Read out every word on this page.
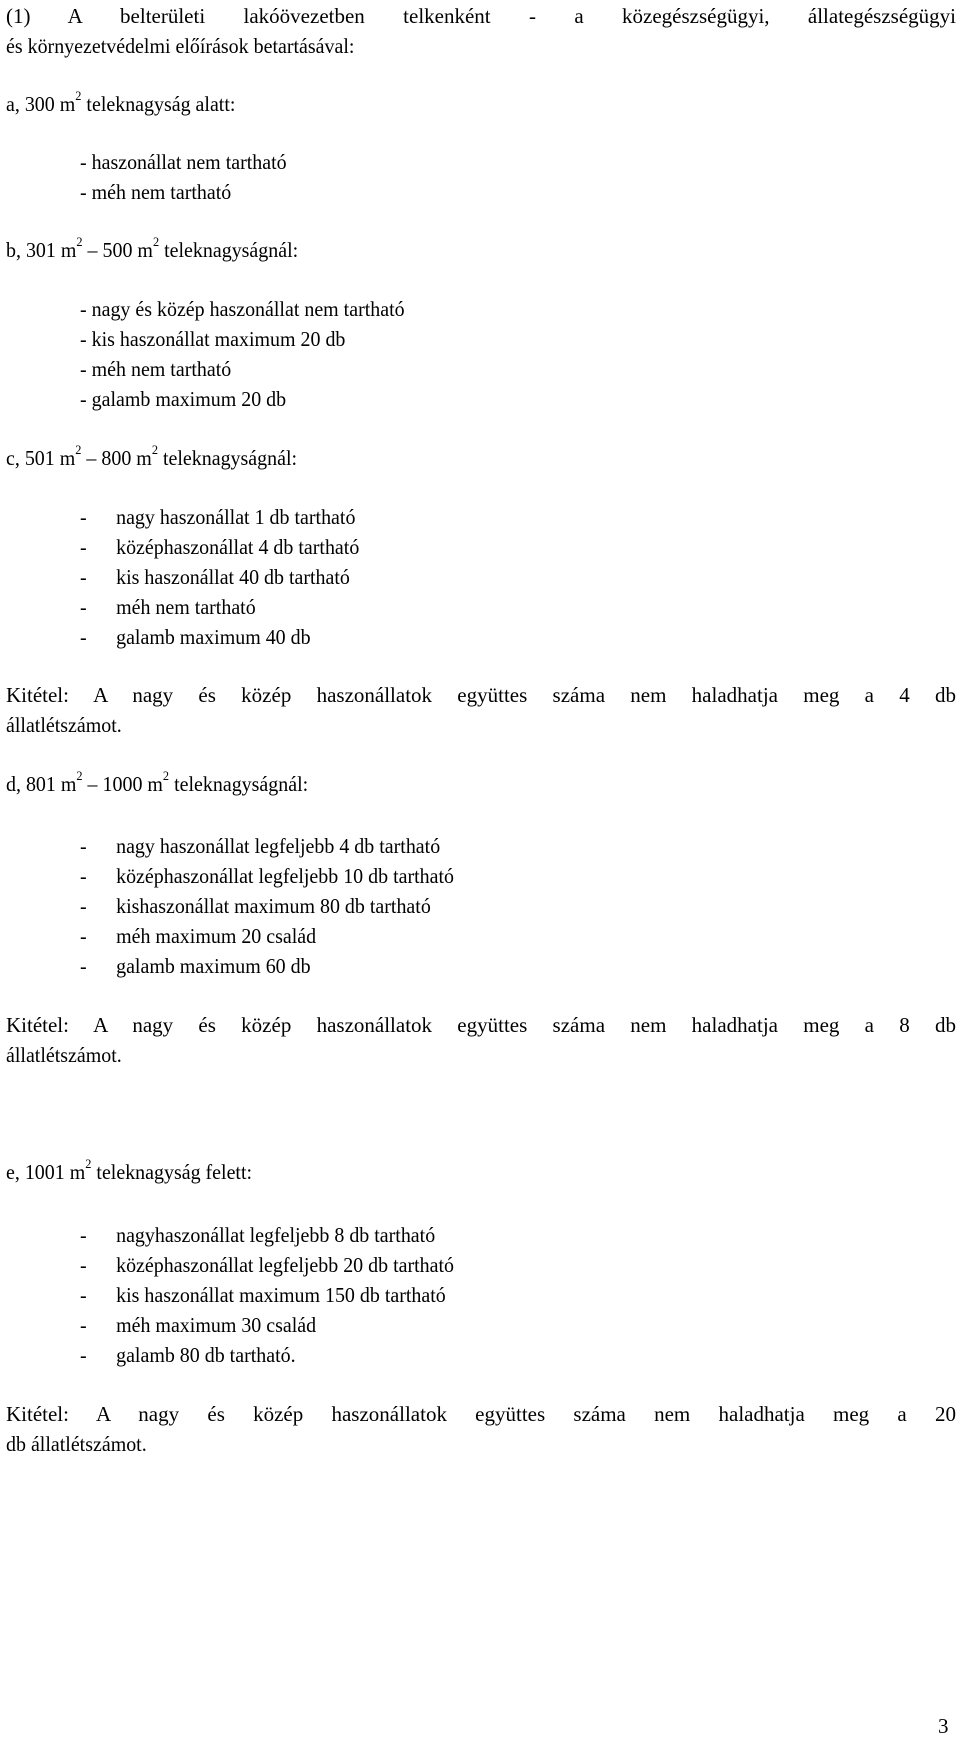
(1) A belterületi lakóövezetben telkenként - a közegészségügyi, állategészségügyi
és környezetvédelmi előírások betartásával:
a, 300 $m^2$ teleknagyság alatt:
- haszonállat nem tartható
- méh nem tartható
b, 301 $m^2 - 500$ $m^2$ teleknagyságnál:
- nagy és közép haszonállat nem tartható
- kis haszonállat maximum 20 db
- méh nem tartható
- galamb maximum 20 db
c, 501 $m^2 - 800$ $m^2$ teleknagyságnál:
- nagy haszonállat 1 db tartható
- középhaszonállat 4 db tartható
- kis haszonállat 40 db tartható
- méh nem tartható
- galamb maximum 40 db
Kitétel: A nagy és közép haszonállatok együttes száma nem haladhatja meg a 4 db
állatlétszámot.
d, 801 $m^2 - 1000$ $m^2$ teleknagyságnál:
- nagy haszonállat legfeljebb 4 db tartható
- középhaszonállat legfeljebb 10 db tartható
- kishaszonállat maximum 80 db tartható
- méh maximum 20 család
- galamb maximum 60 db
Kitétel: A nagy és közép haszonállatok együttes száma nem haladhatja meg a 8 db
állatlétszámot.
e, 1001 $m^2$ teleknagyság felett:
- nagyhaszonállat legfeljebb 8 db tartható
- középhaszonállat legfeljebb 20 db tartható
- kis haszonállat maximum 150 db tartható
- méh maximum 30 család
- galamb 80 db tartható.
Kitétel: A nagy és közép haszonállatok együttes száma nem haladhatja meg a 20
db állatlétszámot.
3
